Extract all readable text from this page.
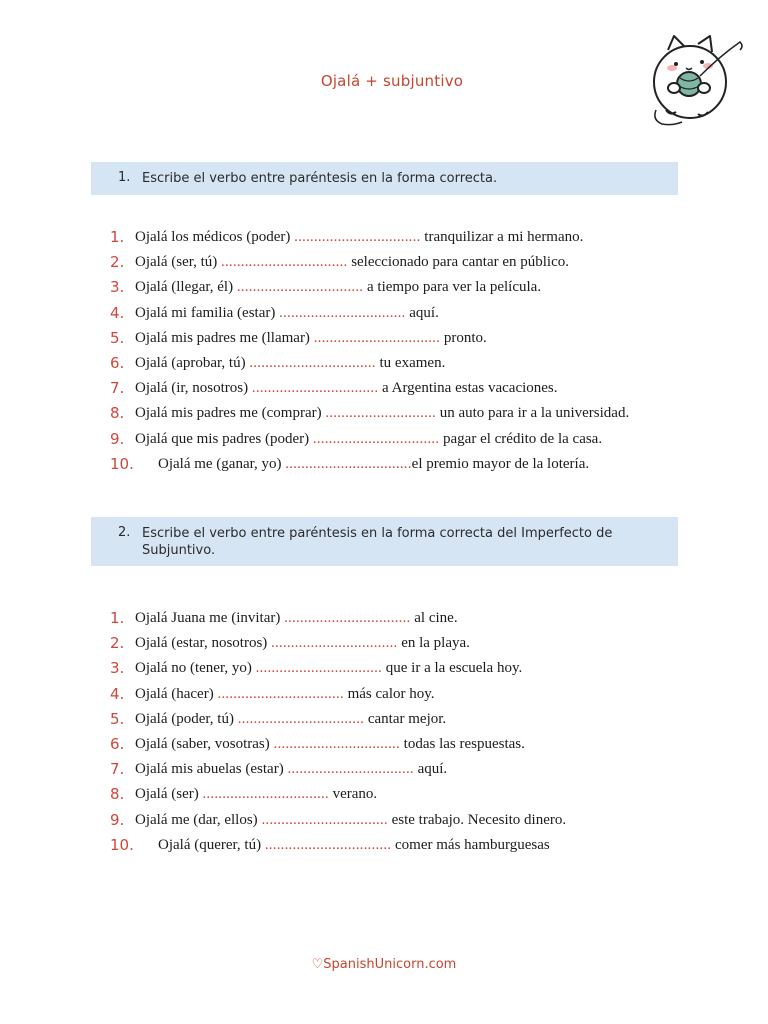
Ojalá + subjuntivo
1. Escribe el verbo entre paréntesis en la forma correcta.
1. Ojalá los médicos (poder) ................................ tranquilizar a mi hermano.
2. Ojalá (ser, tú) ................................ seleccionado para cantar en público.
3. Ojalá (llegar, él) ................................ a tiempo para ver la película.
4. Ojalá mi familia (estar) ................................ aquí.
5. Ojalá mis padres me (llamar) ................................ pronto.
6. Ojalá (aprobar, tú) ................................ tu examen.
7. Ojalá (ir, nosotros) ................................ a Argentina estas vacaciones.
8. Ojalá mis padres me (comprar) ............................ un auto para ir a la universidad.
9. Ojalá que mis padres (poder) ................................ pagar el crédito de la casa.
10.	Ojalá me (ganar, yo) ................................el premio mayor de la lotería.
2. Escribe el verbo entre paréntesis en la forma correcta del Imperfecto de Subjuntivo.
1. Ojalá Juana me (invitar) ................................ al cine.
2. Ojalá (estar, nosotros) ................................ en la playa.
3. Ojalá no (tener, yo) ................................ que ir a la escuela hoy.
4. Ojalá (hacer) ................................ más calor hoy.
5. Ojalá (poder, tú) ................................ cantar mejor.
6. Ojalá (saber, vosotras) ................................ todas las respuestas.
7. Ojalá mis abuelas (estar) ................................ aquí.
8. Ojalá (ser) ................................ verano.
9. Ojalá me (dar, ellos) ................................ este trabajo. Necesito dinero.
10.	Ojalá (querer, tú) ................................ comer más hamburguesas
♡SpanishUnicorn.com
